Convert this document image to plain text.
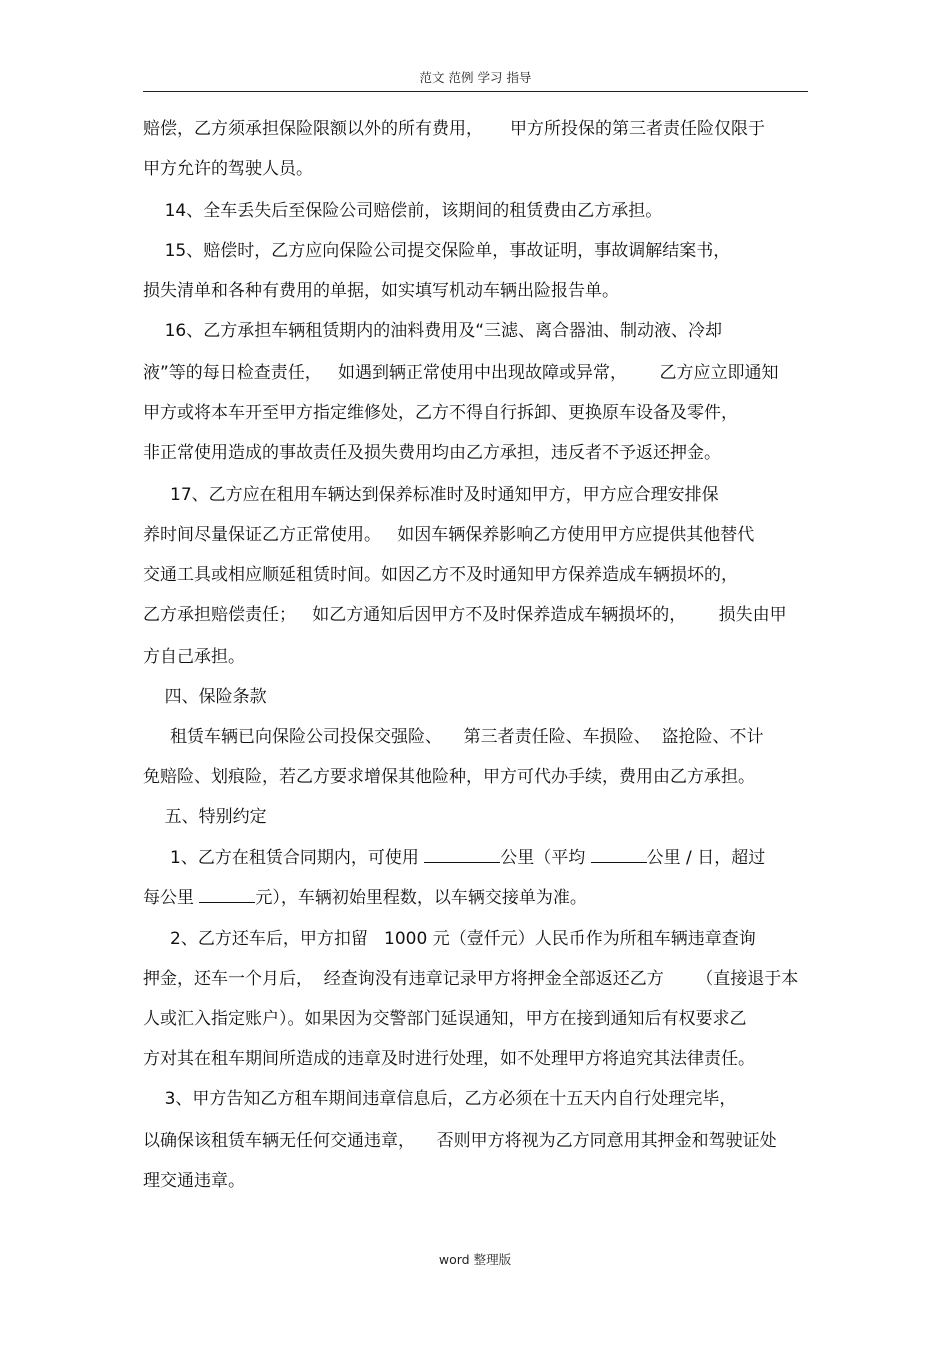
范文 范例 学习 指导
赔偿，乙方须承担保险限额以外的所有费用，     甲方所投保的第三者责任险仅限于
甲方允许的驾驶人员。
14、全车丢失后至保险公司赔偿前，该期间的租赁费由乙方承担。
15、赔偿时，乙方应向保险公司提交保险单，事故证明，事故调解结案书，
损失清单和各种有费用的单据，如实填写机动车辆出险报告单。
16、乙方承担车辆租赁期内的油料费用及“三滤、离合器油、制动液、冷却
液”等的每日检查责任，   如遇到辆正常使用中出现故障或异常，      乙方应立即通知
甲方或将本车开至甲方指定维修处，乙方不得自行拆卸、更换原车设备及零件，
非正常使用造成的事故责任及损失费用均由乙方承担，违反者不予返还押金。
17、乙方应在租用车辆达到保养标准时及时通知甲方，甲方应合理安排保
养时间尽量保证乙方正常使用。   如因车辆保养影响乙方使用甲方应提供其他替代
交通工具或相应顺延租赁时间。如因乙方不及时通知甲方保养造成车辆损坏的，
乙方承担赔偿责任；   如乙方通知后因甲方不及时保养造成车辆损坏的，      损失由甲
方自己承担。
四、保险条款
租赁车辆已向保险公司投保交强险、    第三者责任险、车损险、  盗抢险、不计
免赔险、划痕险，若乙方要求增保其他险种，甲方可代办手续，费用由乙方承担。
五、特别约定
1、乙方在租赁合同期内，可使用	公里（平均	公里 / 日，超过
每公里	元），车辆初始里程数，以车辆交接单为准。
2、乙方还车后，甲方扣留   1000 元（壹仟元）人民币作为所租车辆违章查询
押金，还车一个月后，  经查询没有违章记录甲方将押金全部返还乙方      （直接退于本
人或汇入指定账户）。如果因为交警部门延误通知，甲方在接到通知后有权要求乙
方对其在租车期间所造成的违章及时进行处理，如不处理甲方将追究其法律责任。
3、甲方告知乙方租车期间违章信息后，乙方必须在十五天内自行处理完毕，
以确保该租赁车辆无任何交通违章，    否则甲方将视为乙方同意用其押金和驾驶证处
理交通违章。
word 整理版
